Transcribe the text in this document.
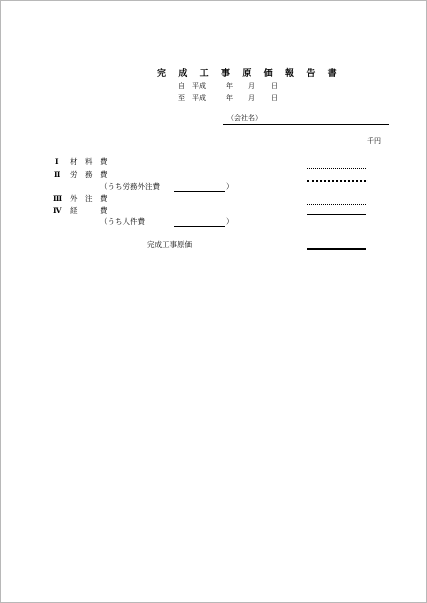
完 成 工 事 原 価 報 告 書
自 平成	年 月 日
至 平成	年 月 日
（会社名）
千円
Ⅰ 材　料　費
Ⅱ 労　務　費
（うち労務外注費	）
Ⅲ 外　注　費
Ⅳ 経　　　費
（うち人件費	）
完成工事原価
